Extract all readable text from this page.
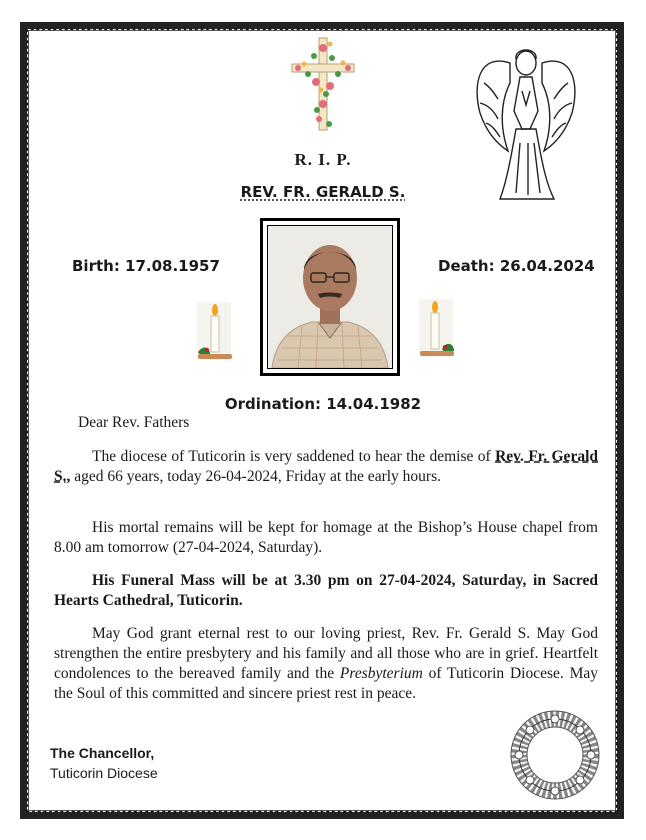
R. I. P.
REV. FR. GERALD S.
Birth: 17.08.1957	Death: 26.04.2024
Ordination: 14.04.1982
Dear Rev. Fathers
The diocese of Tuticorin is very saddened to hear the demise of Rev. Fr. Gerald S., aged 66 years, today 26-04-2024, Friday at the early hours.
His mortal remains will be kept for homage at the Bishop’s House chapel from 8.00 am tomorrow (27-04-2024, Saturday).
His Funeral Mass will be at 3.30 pm on 27-04-2024, Saturday, in Sacred Hearts Cathedral, Tuticorin.
May God grant eternal rest to our loving priest, Rev. Fr. Gerald S. May God strengthen the entire presbytery and his family and all those who are in grief. Heartfelt condolences to the bereaved family and the Presbyterium of Tuticorin Diocese. May the Soul of this committed and sincere priest rest in peace.
The Chancellor,
Tuticorin Diocese
